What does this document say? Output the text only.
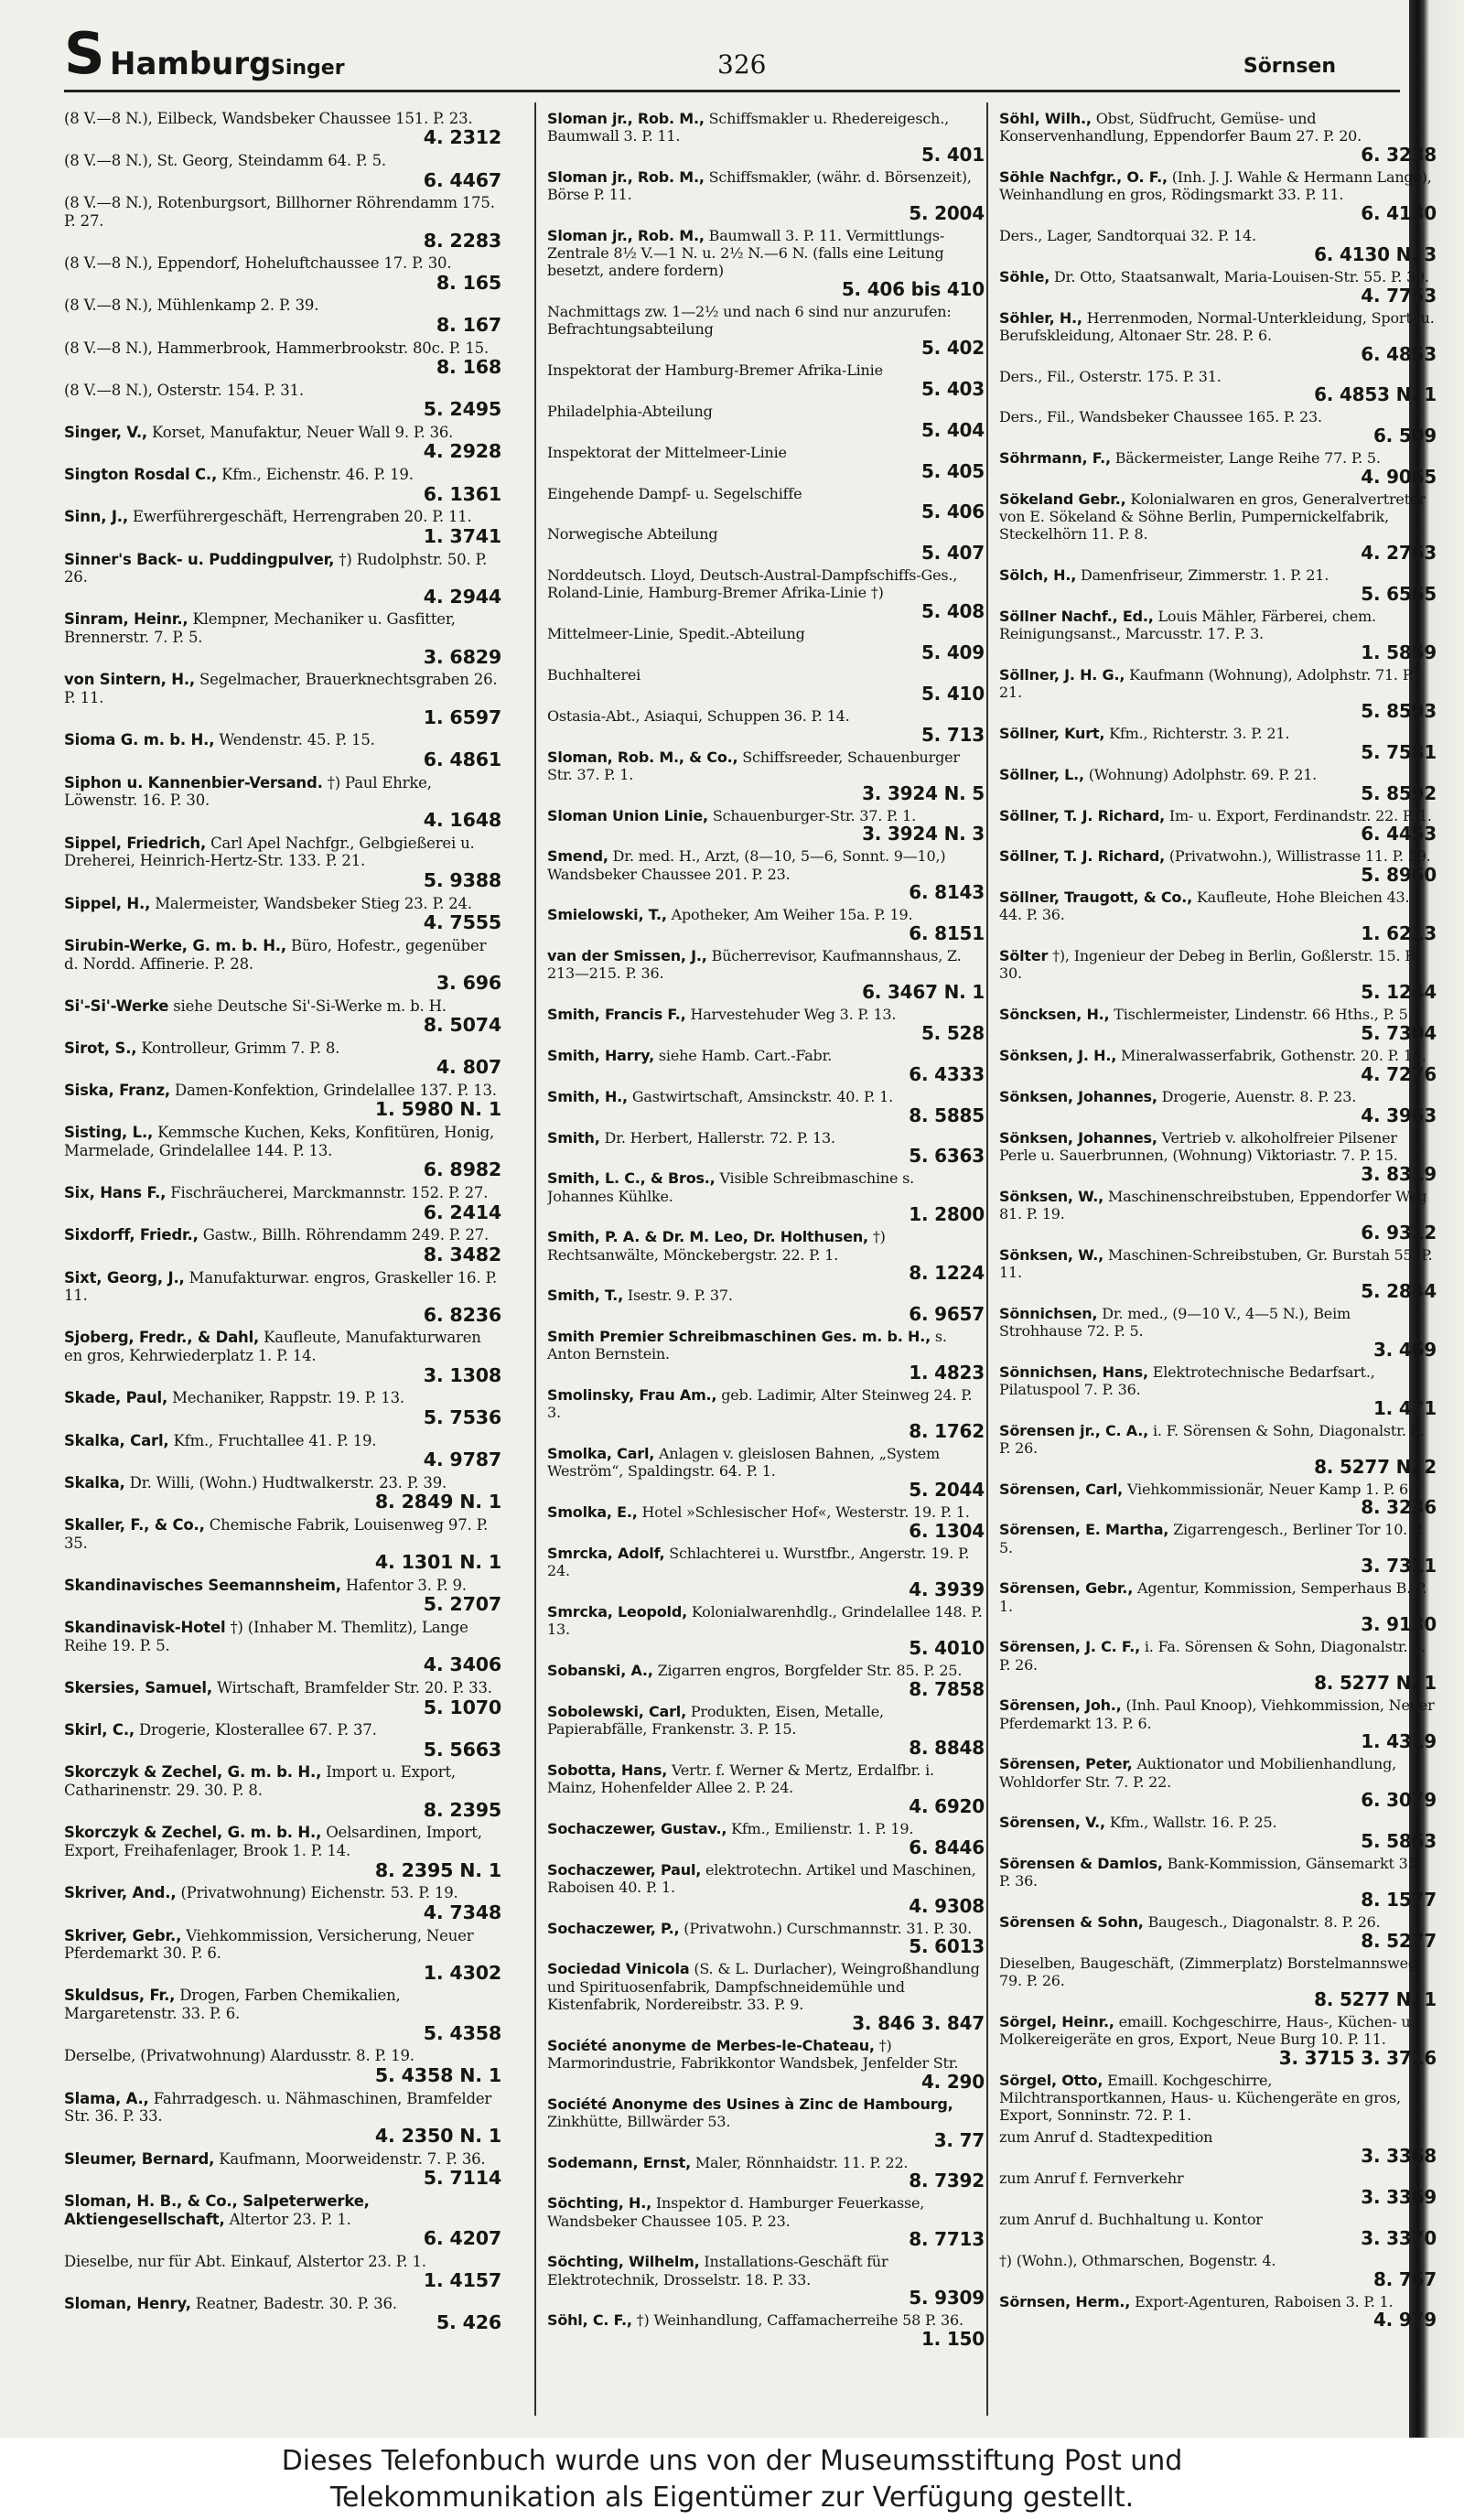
S Hamburg Singer	326	Sörnsen
(8 V.—8 N.), Eilbeck, Wandsbeker Chaussee 151. P. 23.
4. 2312
(8 V.—8 N.), St. Georg, Steindamm 64. P. 5.
6. 4467
(8 V.—8 N.), Rotenburgsort, Billhorner Röhrendamm 175. P. 27.
8. 2283
(8 V.—8 N.), Eppendorf, Hoheluftchaussee 17. P. 30.
8. 165
(8 V.—8 N.), Mühlenkamp 2. P. 39.
8. 167
(8 V.—8 N.), Hammerbrook, Hammerbrookstr. 80c. P. 15.
8. 168
(8 V.—8 N.), Osterstr. 154. P. 31.
5. 2495
Singer, V., Korset, Manufaktur, Neuer Wall 9. P. 36.
4. 2928
Sington Rosdal C., Kfm., Eichenstr. 46. P. 19.
6. 1361
Sinn, J., Ewerführergeschäft, Herrengraben 20. P. 11.
1. 3741
Sinner's Back- u. Puddingpulver, †) Rudolphstr. 50. P. 26.
4. 2944
Sinram, Heinr., Klempner, Mechaniker u. Gasfitter, Brennerstr. 7. P. 5.
3. 6829
von Sintern, H., Segelmacher, Brauerknechtsgraben 26. P. 11.
1. 6597
Sioma G. m. b. H., Wendenstr. 45. P. 15.
6. 4861
Siphon u. Kannenbier-Versand. †) Paul Ehrke, Löwenstr. 16. P. 30.
4. 1648
Sippel, Friedrich, Carl Apel Nachfgr., Gelbgießerei u. Dreherei, Heinrich-Hertz-Str. 133. P. 21.
5. 9388
Sippel, H., Malermeister, Wandsbeker Stieg 23. P. 24.
4. 7555
Sirubin-Werke, G. m. b. H., Büro, Hofestr., gegenüber d. Nordd. Affinerie. P. 28.
3. 696
Si'-Si'-Werke siehe Deutsche Si'-Si-Werke m. b. H.
8. 5074
Sirot, S., Kontrolleur, Grimm 7. P. 8.
4. 807
Siska, Franz, Damen-Konfektion, Grindelallee 137. P. 13.
1. 5980 N. 1
Sisting, L., Kemmsche Kuchen, Keks, Konfitüren, Honig, Marmelade, Grindelallee 144. P. 13.
6. 8982
Six, Hans F., Fischräucherei, Marckmannstr. 152. P. 27.
6. 2414
Sixdorff, Friedr., Gastw., Billh. Röhrendamm 249. P. 27.
8. 3482
Sixt, Georg, J., Manufakturwar. engros, Graskeller 16. P. 11.
6. 8236
Sjoberg, Fredr., & Dahl, Kaufleute, Manufakturwaren en gros, Kehrwiederplatz 1. P. 14.
3. 1308
Skade, Paul, Mechaniker, Rappstr. 19. P. 13.
5. 7536
Skalka, Carl, Kfm., Fruchtallee 41. P. 19.
4. 9787
Skalka, Dr. Willi, (Wohn.) Hudtwalkerstr. 23. P. 39.
8. 2849 N. 1
Skaller, F., & Co., Chemische Fabrik, Louisenweg 97. P. 35.
4. 1301 N. 1
Skandinavisches Seemannsheim, Hafentor 3. P. 9.
5. 2707
Skandinavisk-Hotel †) (Inhaber M. Themlitz), Lange Reihe 19. P. 5.
4. 3406
Skersies, Samuel, Wirtschaft, Bramfelder Str. 20. P. 33.
5. 1070
Skirl, C., Drogerie, Klosterallee 67. P. 37.
5. 5663
Skorczyk & Zechel, G. m. b. H., Import u. Export, Catharinenstr. 29. 30. P. 8.
8. 2395
Skorczyk & Zechel, G. m. b. H., Oelsardinen, Import, Export, Freihafenlager, Brook 1. P. 14.
8. 2395 N. 1
Skriver, And., (Privatwohnung) Eichenstr. 53. P. 19.
4. 7348
Skriver, Gebr., Viehkommission, Versicherung, Neuer Pferdemarkt 30. P. 6.
1. 4302
Skuldsus, Fr., Drogen, Farben Chemikalien, Margaretenstr. 33. P. 6.
5. 4358
Derselbe, (Privatwohnung) Alardusstr. 8. P. 19.
5. 4358 N. 1
Slama, A., Fahrradgesch. u. Nähmaschinen, Bramfelder Str. 36. P. 33.
4. 2350 N. 1
Sleumer, Bernard, Kaufmann, Moorweidenstr. 7. P. 36.
5. 7114
Sloman, H. B., & Co., Salpeterwerke, Aktiengesellschaft, Altertor 23. P. 1.
6. 4207
Dieselbe, nur für Abt. Einkauf, Alstertor 23. P. 1.
1. 4157
Sloman, Henry, Reatner, Badestr. 30. P. 36.
5. 426
Sloman jr., Rob. M., Schiffsmakler u. Rhedereigesch., Baumwall 3. P. 11.
5. 401
Sloman jr., Rob. M., Schiffsmakler, (währ. d. Börsenzeit), Börse P. 11.
5. 2004
Sloman jr., Rob. M., Baumwall 3. P. 11. Vermittlungs-Zentrale 8½ V.—1 N. u. 2½ N.—6 N. (falls eine Leitung besetzt, andere fordern)
5. 406 bis 410
Nachmittags zw. 1—2½ und nach 6 sind nur anzurufen: Befrachtungsabteilung
5. 402
Inspektorat der Hamburg-Bremer Afrika-Linie
5. 403
Philadelphia-Abteilung
5. 404
Inspektorat der Mittelmeer-Linie
5. 405
Eingehende Dampf- u. Segelschiffe
5. 406
Norwegische Abteilung
5. 407
Norddeutsch. Lloyd, Deutsch-Austral-Dampfschiffs-Ges., Roland-Linie, Hamburg-Bremer Afrika-Linie †)
5. 408
Mittelmeer-Linie, Spedit.-Abteilung
5. 409
Buchhalterei
5. 410
Ostasia-Abt., Asiaqui, Schuppen 36. P. 14.
5. 713
Sloman, Rob. M., & Co., Schiffsreeder, Schauenburger Str. 37. P. 1.
3. 3924 N. 5
Sloman Union Linie, Schauenburger-Str. 37. P. 1.
3. 3924 N. 3
Smend, Dr. med. H., Arzt, (8—10, 5—6, Sonnt. 9—10,) Wandsbeker Chaussee 201. P. 23.
6. 8143
Smielowski, T., Apotheker, Am Weiher 15a. P. 19.
6. 8151
van der Smissen, J., Bücherrevisor, Kaufmannshaus, Z. 213—215. P. 36.
6. 3467 N. 1
Smith, Francis F., Harvestehuder Weg 3. P. 13.
5. 528
Smith, Harry, siehe Hamb. Cart.-Fabr.
6. 4333
Smith, H., Gastwirtschaft, Amsinckstr. 40. P. 1.
8. 5885
Smith, Dr. Herbert, Hallerstr. 72. P. 13.
5. 6363
Smith, L. C., & Bros., Visible Schreibmaschine s. Johannes Kühlke.
1. 2800
Smith, P. A. & Dr. M. Leo, Dr. Holthusen, †) Rechtsanwälte, Mönckebergstr. 22. P. 1.
8. 1224
Smith, T., Isestr. 9. P. 37.
6. 9657
Smith Premier Schreibmaschinen Ges. m. b. H., s. Anton Bernstein.
1. 4823
Smolinsky, Frau Am., geb. Ladimir, Alter Steinweg 24. P. 3.
8. 1762
Smolka, Carl, Anlagen v. gleislosen Bahnen, „System Weström“, Spaldingstr. 64. P. 1.
5. 2044
Smolka, E., Hotel »Schlesischer Hof«, Westerstr. 19. P. 1.
6. 1304
Smrcka, Adolf, Schlachterei u. Wurstfbr., Angerstr. 19. P. 24.
4. 3939
Smrcka, Leopold, Kolonialwarenhdlg., Grindelallee 148. P. 13.
5. 4010
Sobanski, A., Zigarren engros, Borgfelder Str. 85. P. 25.
8. 7858
Sobolewski, Carl, Produkten, Eisen, Metalle, Papierabfälle, Frankenstr. 3. P. 15.
8. 8848
Sobotta, Hans, Vertr. f. Werner & Mertz, Erdalfbr. i. Mainz, Hohenfelder Allee 2. P. 24.
4. 6920
Sochaczewer, Gustav., Kfm., Emilienstr. 1. P. 19.
6. 8446
Sochaczewer, Paul, elektrotechn. Artikel und Maschinen, Raboisen 40. P. 1.
4. 9308
Sochaczewer, P., (Privatwohn.) Curschmannstr. 31. P. 30.
5. 6013
Sociedad Vinicola (S. & L. Durlacher), Weingroßhandlung und Spirituosenfabrik, Dampfschneidemühle und Kistenfabrik, Nordereibstr. 33. P. 9.
3. 846 3. 847
Société anonyme de Merbes-le-Chateau, †) Marmorindustrie, Fabrikkontor Wandsbek, Jenfelder Str.
4. 290
Société Anonyme des Usines à Zinc de Hambourg, Zinkhütte, Billwärder 53.
3. 77
Sodemann, Ernst, Maler, Rönnhaidstr. 11. P. 22.
8. 7392
Söchting, H., Inspektor d. Hamburger Feuerkasse, Wandsbeker Chaussee 105. P. 23.
8. 7713
Söchting, Wilhelm, Installations-Geschäft für Elektrotechnik, Drosselstr. 18. P. 33.
5. 9309
Söhl, C. F., †) Weinhandlung, Caffamacherreihe 58 P. 36.
1. 150
Söhl, Wilh., Obst, Südfrucht, Gemüse- und Konservenhandlung, Eppendorfer Baum 27. P. 20.
6. 3238
Söhle Nachfgr., O. F., (Inh. J. J. Wahle & Hermann Lange), Weinhandlung en gros, Rödingsmarkt 33. P. 11.
6. 4130
Ders., Lager, Sandtorquai 32. P. 14.
6. 4130 N. 3
Söhle, Dr. Otto, Staatsanwalt, Maria-Louisen-Str. 55. P. 39.
4. 7753
Söhler, H., Herrenmoden, Normal-Unterkleidung, Sport- u. Berufskleidung, Altonaer Str. 28. P. 6.
6. 4853
Ders., Fil., Osterstr. 175. P. 31.
6. 4853 N. 1
Ders., Fil., Wandsbeker Chaussee 165. P. 23.
6. 509
Söhrmann, F., Bäckermeister, Lange Reihe 77. P. 5.
4. 9065
Sökeland Gebr., Kolonialwaren en gros, Generalvertreter von E. Sökeland & Söhne Berlin, Pumpernickelfabrik, Steckelhörn 11. P. 8.
4. 2763
Sölch, H., Damenfriseur, Zimmerstr. 1. P. 21.
5. 6565
Söllner Nachf., Ed., Louis Mähler, Färberei, chem. Reinigungsanst., Marcusstr. 17. P. 3.
1. 5859
Söllner, J. H. G., Kaufmann (Wohnung), Adolphstr. 71. P. 21.
5. 8593
Söllner, Kurt, Kfm., Richterstr. 3. P. 21.
5. 7581
Söllner, L., (Wohnung) Adolphstr. 69. P. 21.
5. 8592
Söllner, T. J. Richard, Im- u. Export, Ferdinandstr. 22. P. 1.
6. 4453
Söllner, T. J. Richard, (Privatwohn.), Willistrasse 11. P. 39.
5. 8960
Söllner, Traugott, & Co., Kaufleute, Hohe Bleichen 43. 44. P. 36.
1. 6213
Sölter †), Ingenieur der Debeg in Berlin, Goßlerstr. 15. P. 30.
5. 1244
Söncksen, H., Tischlermeister, Lindenstr. 66 Hths., P. 5.
5. 7304
Sönksen, J. H., Mineralwasserfabrik, Gothenstr. 20. P. 15.
4. 7276
Sönksen, Johannes, Drogerie, Auenstr. 8. P. 23.
4. 3963
Sönksen, Johannes, Vertrieb v. alkoholfreier Pilsener Perle u. Sauerbrunnen, (Wohnung) Viktoriastr. 7. P. 15.
3. 8319
Sönksen, W., Maschinenschreibstuben, Eppendorfer Weg 81. P. 19.
6. 9312
Sönksen, W., Maschinen-Schreibstuben, Gr. Burstah 55. P. 11.
5. 2844
Sönnichsen, Dr. med., (9—10 V., 4—5 N.), Beim Strohhause 72. P. 5.
3. 469
Sönnichsen, Hans, Elektrotechnische Bedarfsart., Pilatuspool 7. P. 36.
1. 471
Sörensen jr., C. A., i. F. Sörensen & Sohn, Diagonalstr. 8. P. 26.
8. 5277 N. 2
Sörensen, Carl, Viehkommissionär, Neuer Kamp 1. P. 6.
8. 3236
Sörensen, E. Martha, Zigarrengesch., Berliner Tor 10. P. 5.
3. 7311
Sörensen, Gebr., Agentur, Kommission, Semperhaus B. P. 1.
3. 9130
Sörensen, J. C. F., i. Fa. Sörensen & Sohn, Diagonalstr. 8. P. 26.
8. 5277 N. 1
Sörensen, Joh., (Inh. Paul Knoop), Viehkommission, Neuer Pferdemarkt 13. P. 6.
1. 4319
Sörensen, Peter, Auktionator und Mobilienhandlung, Wohldorfer Str. 7. P. 22.
6. 3079
Sörensen, V., Kfm., Wallstr. 16. P. 25.
5. 5863
Sörensen & Damlos, Bank-Kommission, Gänsemarkt 35. P. 36.
8. 1577
Sörensen & Sohn, Baugesch., Diagonalstr. 8. P. 26.
8. 5277
Dieselben, Baugeschäft, (Zimmerplatz) Borstelmannsweg 79. P. 26.
8. 5277 N. 1
Sörgel, Heinr., emaill. Kochgeschirre, Haus-, Küchen- u. Molkereigeräte en gros, Export, Neue Burg 10. P. 11.
3. 3715 3. 3716
Sörgel, Otto, Emaill. Kochgeschirre, Milchtransportkannen, Haus- u. Küchengeräte en gros, Export, Sonninstr. 72. P. 1.
zum Anruf d. Stadtexpedition
3. 3368
zum Anruf f. Fernverkehr
3. 3369
zum Anruf d. Buchhaltung u. Kontor
3. 3370
†) (Wohn.), Othmarschen, Bogenstr. 4.
8. 767
Sörnsen, Herm., Export-Agenturen, Raboisen 3. P. 1.
4. 979
Dieses Telefonbuch wurde uns von der Museumsstiftung Post und
Telekommunikation als Eigentümer zur Verfügung gestellt.
